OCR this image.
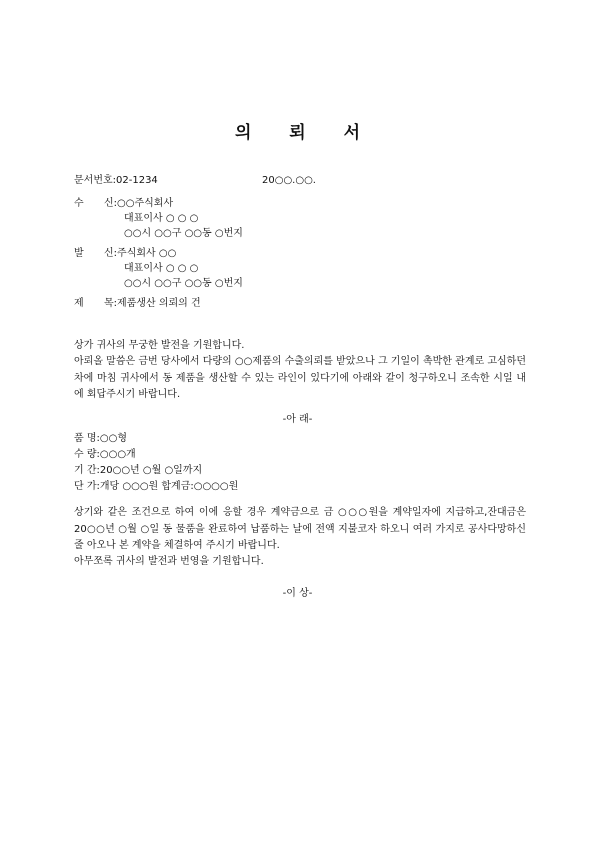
의 뢰 서
문서번호:02-1234	20○○.○○.
수 신:○○주식회사
대표이사 ○ ○ ○
○○시 ○○구 ○○동 ○번지
발 신:주식회사 ○○
대표이사 ○ ○ ○
○○시 ○○구 ○○동 ○번지
제 목:제품생산 의뢰의 건
상가 귀사의 무궁한 발전을 기원합니다.
아뢰올 말씀은 금번 당사에서 다량의 ○○제품의 수출의뢰를 받았으나 그 기일이 촉박한 관계로 고심하던 차에 마침 귀사에서 동 제품을 생산할 수 있는 라인이 있다기에 아래와 같이 청구하오니 조속한 시일 내에 회답주시기 바랍니다.
-아 래-
품 명:○○형
수 량:○○○개
기 간:20○○년 ○월 ○일까지
단 가:개당 ○○○원 합계금:○○○○원
상기와 같은 조건으로 하여 이에 응할 경우 계약금으로 금 ○○○원을 계약일자에 지급하고,잔대금은 20○○년 ○월 ○일 동 물품을 완료하여 납품하는 날에 전액 지불코자 하오니 여러 가지로 공사다망하신줄 아오나 본 계약을 체결하여 주시기 바랍니다.
아무쪼록 귀사의 발전과 번영을 기원합니다.
-이 상-
